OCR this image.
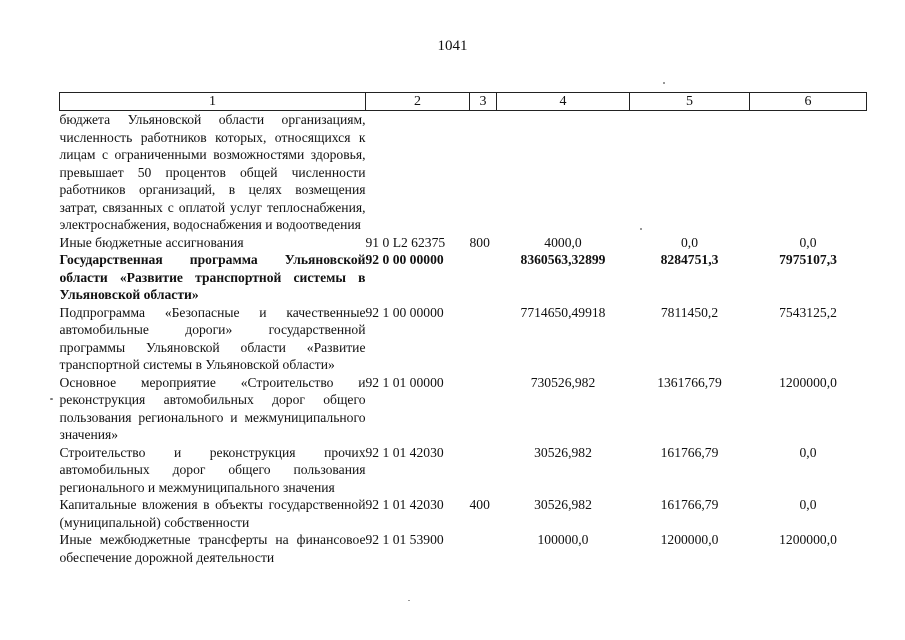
1041
1	2	3	4	5	6
бюджета Ульяновской области организациям, численность работников которых, относящихся к лицам с ограниченными возможностями здоровья, превышает 50 процентов общей численности работников организаций, в целях возмещения затрат, связанных с оплатой услуг теплоснабжения, электроснабжения, водоснабжения и водоотведения					
Иные бюджетные ассигнования	91 0 L2 62375	800	4000,0	0,0	0,0
Государственная программа Ульяновской области «Развитие транспортной системы в Ульяновской области»	92 0 00 00000		8360563,32899	8284751,3	7975107,3
Подпрограмма «Безопасные и качественные автомобильные дороги» государственной программы Ульяновской области «Развитие транспортной системы в Ульяновской области»	92 1 00 00000		7714650,49918	7811450,2	7543125,2
Основное мероприятие «Строительство и реконструкция автомобильных дорог общего пользования регионального и межмуниципального значения»	92 1 01 00000		730526,982	1361766,79	1200000,0
Строительство и реконструкция прочих автомобильных дорог общего пользования регионального и межмуниципального значения	92 1 01 42030		30526,982	161766,79	0,0
Капитальные вложения в объекты государственной (муниципальной) собственности	92 1 01 42030	400	30526,982	161766,79	0,0
Иные межбюджетные трансферты на финансовое обеспечение дорожной деятельности	92 1 01 53900		100000,0	1200000,0	1200000,0
